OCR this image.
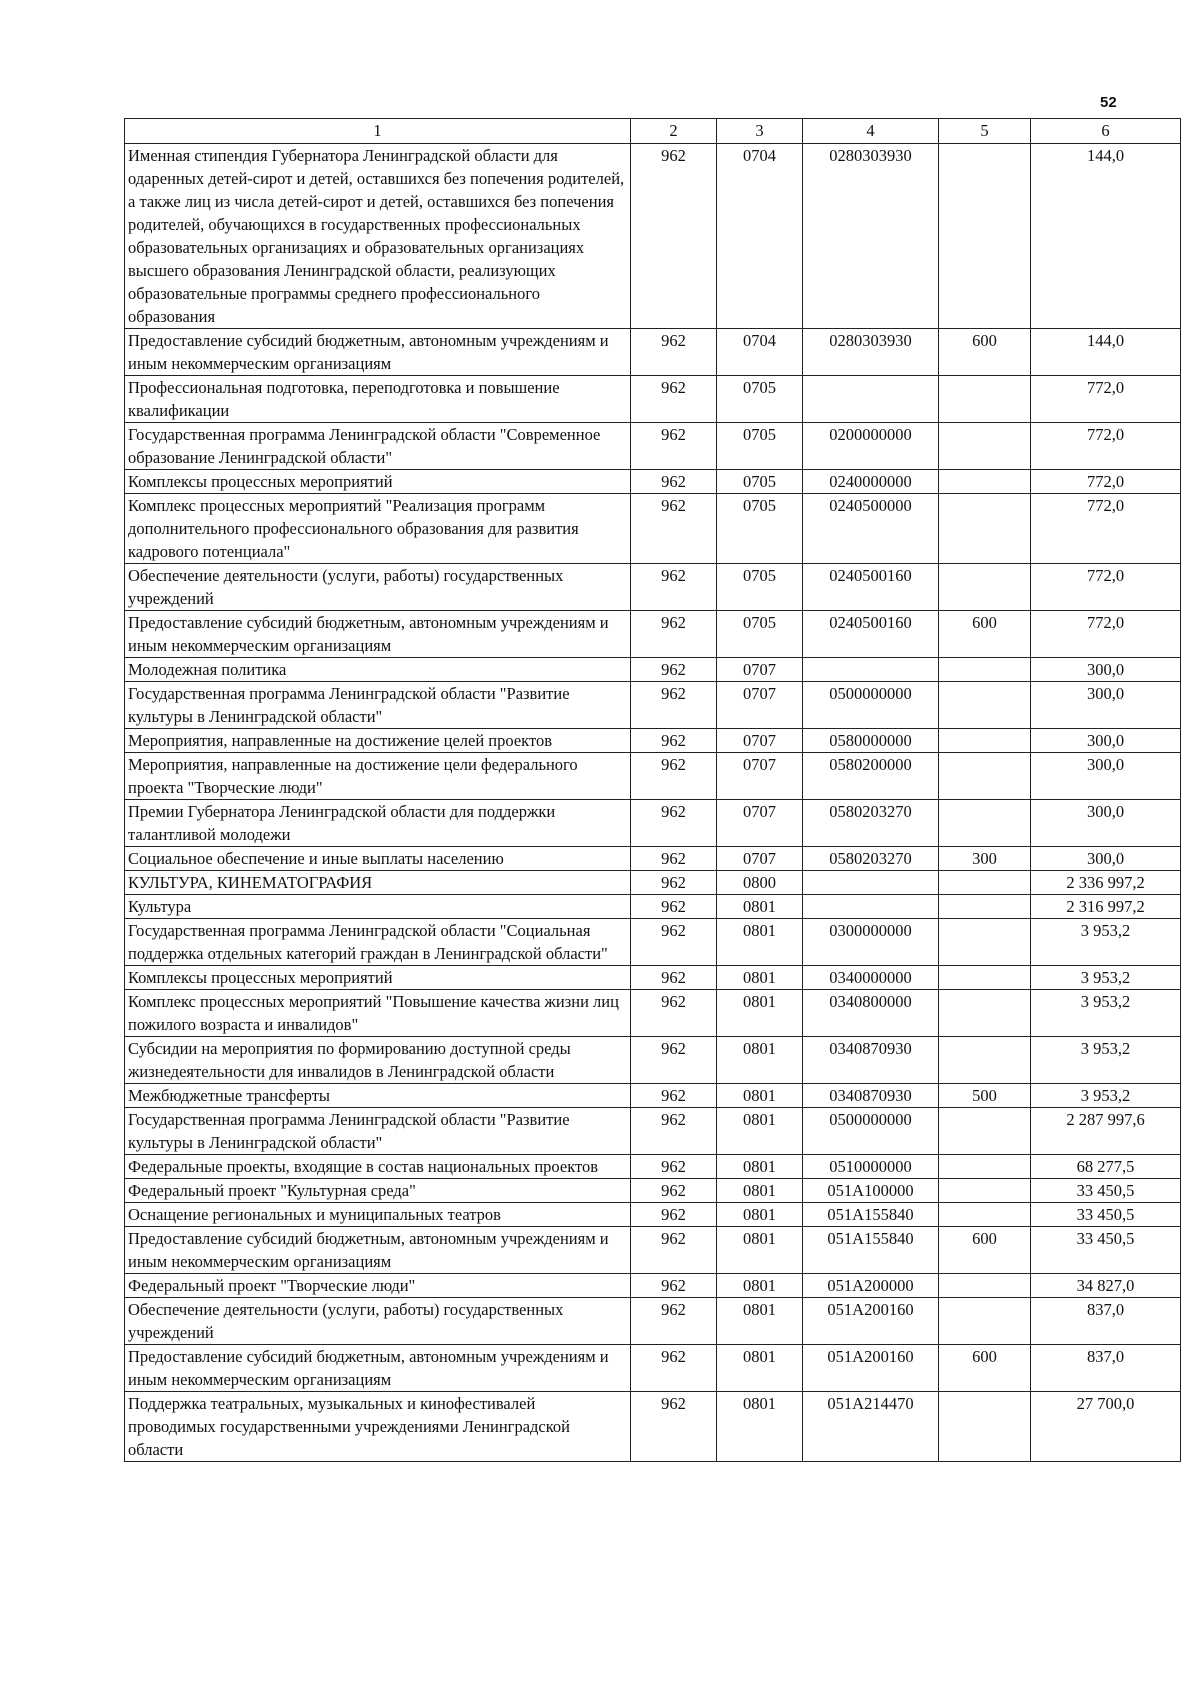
52
1	2	3	4	5	6
Именная стипендия Губернатора Ленинградской области для одаренных детей-сирот и детей, оставшихся без попечения родителей, а также лиц из числа детей-сирот и детей, оставшихся без попечения родителей, обучающихся в государственных профессиональных образовательных организациях и образовательных организациях высшего образования Ленинградской области, реализующих образовательные программы среднего профессионального образования	962	0704	0280303930		144,0
Предоставление субсидий бюджетным, автономным учреждениям и иным некоммерческим организациям	962	0704	0280303930	600	144,0
Профессиональная подготовка, переподготовка и повышение квалификации	962	0705			772,0
Государственная программа Ленинградской области "Современное образование Ленинградской области"	962	0705	0200000000		772,0
Комплексы процессных мероприятий	962	0705	0240000000		772,0
Комплекс процессных мероприятий "Реализация программ дополнительного профессионального образования для развития кадрового потенциала"	962	0705	0240500000		772,0
Обеспечение деятельности (услуги, работы) государственных учреждений	962	0705	0240500160		772,0
Предоставление субсидий бюджетным, автономным учреждениям и иным некоммерческим организациям	962	0705	0240500160	600	772,0
Молодежная политика	962	0707			300,0
Государственная программа Ленинградской области "Развитие культуры в Ленинградской области"	962	0707	0500000000		300,0
Мероприятия, направленные на достижение целей проектов	962	0707	0580000000		300,0
Мероприятия, направленные на достижение цели федерального проекта "Творческие люди"	962	0707	0580200000		300,0
Премии Губернатора Ленинградской области для поддержки талантливой молодежи	962	0707	0580203270		300,0
Социальное обеспечение и иные выплаты населению	962	0707	0580203270	300	300,0
КУЛЬТУРА, КИНЕМАТОГРАФИЯ	962	0800			2 336 997,2
Культура	962	0801			2 316 997,2
Государственная программа Ленинградской области "Социальная поддержка отдельных категорий граждан в Ленинградской области"	962	0801	0300000000		3 953,2
Комплексы процессных мероприятий	962	0801	0340000000		3 953,2
Комплекс процессных мероприятий "Повышение качества жизни лиц пожилого возраста и инвалидов"	962	0801	0340800000		3 953,2
Субсидии на мероприятия по формированию доступной среды жизнедеятельности для инвалидов в Ленинградской области	962	0801	0340870930		3 953,2
Межбюджетные трансферты	962	0801	0340870930	500	3 953,2
Государственная программа Ленинградской области "Развитие культуры в Ленинградской области"	962	0801	0500000000		2 287 997,6
Федеральные проекты, входящие в состав национальных проектов	962	0801	0510000000		68 277,5
Федеральный проект "Культурная среда"	962	0801	051A100000		33 450,5
Оснащение региональных и муниципальных театров	962	0801	051A155840		33 450,5
Предоставление субсидий бюджетным, автономным учреждениям и иным некоммерческим организациям	962	0801	051A155840	600	33 450,5
Федеральный проект "Творческие люди"	962	0801	051A200000		34 827,0
Обеспечение деятельности (услуги, работы) государственных учреждений	962	0801	051A200160		837,0
Предоставление субсидий бюджетным, автономным учреждениям и иным некоммерческим организациям	962	0801	051A200160	600	837,0
Поддержка театральных, музыкальных и кинофестивалей проводимых государственными учреждениями Ленинградской области	962	0801	051A214470		27 700,0
